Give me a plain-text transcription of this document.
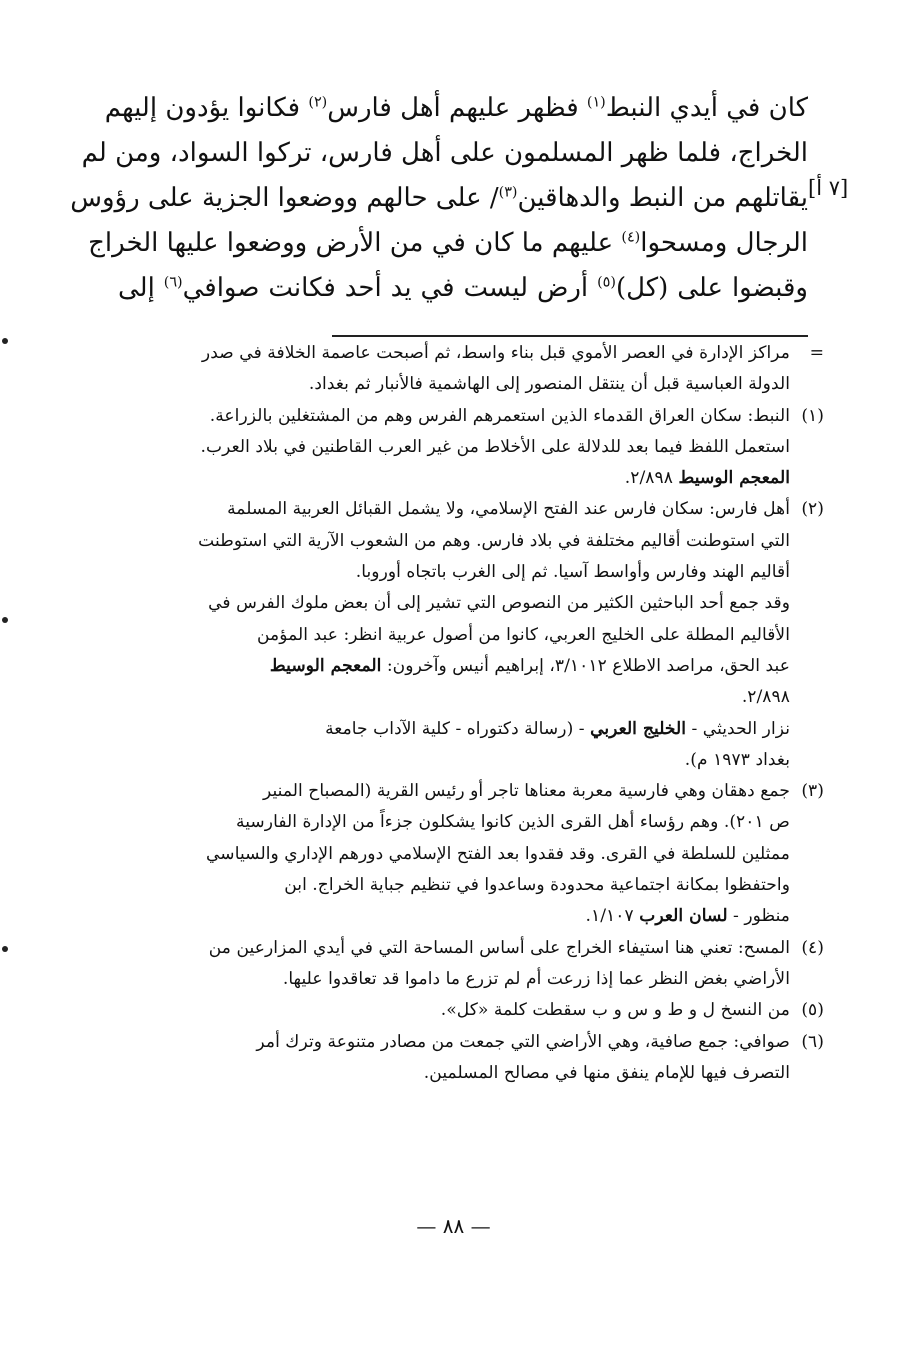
كان في أيدي النبط$^{(١)}$ فظهر عليهم أهل فارس$^{(٢)}$ فكانوا يؤدون إليهم
الخراج، فلما ظهر المسلمون على أهل فارس، تركوا السواد، ومن لم
يقاتلهم من النبط والدهاقين$^{(٣)}$/ على حالهم ووضعوا الجزية على رؤوس
الرجال ومسحوا$^{(٤)}$ عليهم ما كان في من الأرض ووضعوا عليها الخراج
وقبضوا على (كل)$^{(٥)}$ أرض ليست في يد أحد فكانت صوافي$^{(٦)}$ إلى
[٧ أ]
=
مراكز الإدارة في العصر الأموي قبل بناء واسط، ثم أصبحت عاصمة الخلافة في صدر
الدولة العباسية قبل أن ينتقل المنصور إلى الهاشمية فالأنبار ثم بغداد.
(١)
النبط: سكان العراق القدماء الذين استعمرهم الفرس وهم من المشتغلين بالزراعة.
استعمل اللفظ فيما بعد للدلالة على الأخلاط من غير العرب القاطنين في بلاد العرب.
المعجم الوسيط ٢/٨٩٨.
(٢)
أهل فارس: سكان فارس عند الفتح الإسلامي، ولا يشمل القبائل العربية المسلمة
التي استوطنت أقاليم مختلفة في بلاد فارس. وهم من الشعوب الآرية التي استوطنت
أقاليم الهند وفارس وأواسط آسيا. ثم إلى الغرب باتجاه أوروبا.
وقد جمع أحد الباحثين الكثير من النصوص التي تشير إلى أن بعض ملوك الفرس في
الأقاليم المطلة على الخليج العربي، كانوا من أصول عربية انظر: عبد المؤمن
عبد الحق، مراصد الاطلاع ٣/١٠١٢، إبراهيم أنيس وآخرون: المعجم الوسيط
٢/٨٩٨.
نزار الحديثي - الخليج العربي - (رسالة دكتوراه - كلية الآداب جامعة
بغداد ١٩٧٣ م).
(٣)
جمع دهقان وهي فارسية معربة معناها تاجر أو رئيس القرية (المصباح المنير
ص ٢٠١). وهم رؤساء أهل القرى الذين كانوا يشكلون جزءاً من الإدارة الفارسية
ممثلين للسلطة في القرى. وقد فقدوا بعد الفتح الإسلامي دورهم الإداري والسياسي
واحتفظوا بمكانة اجتماعية محدودة وساعدوا في تنظيم جباية الخراج. ابن
منظور - لسان العرب ١/١٠٧.
(٤)
المسح: تعني هنا استيفاء الخراج على أساس المساحة التي في أيدي المزارعين من
الأراضي بغض النظر عما إذا زرعت أم لم تزرع ما داموا قد تعاقدوا عليها.
(٥)
من النسخ ل و ط و س و ب سقطت كلمة «كل».
(٦)
صوافي: جمع صافية، وهي الأراضي التي جمعت من مصادر متنوعة وترك أمر
التصرف فيها للإمام ينفق منها في مصالح المسلمين.
— ٨٨ —
